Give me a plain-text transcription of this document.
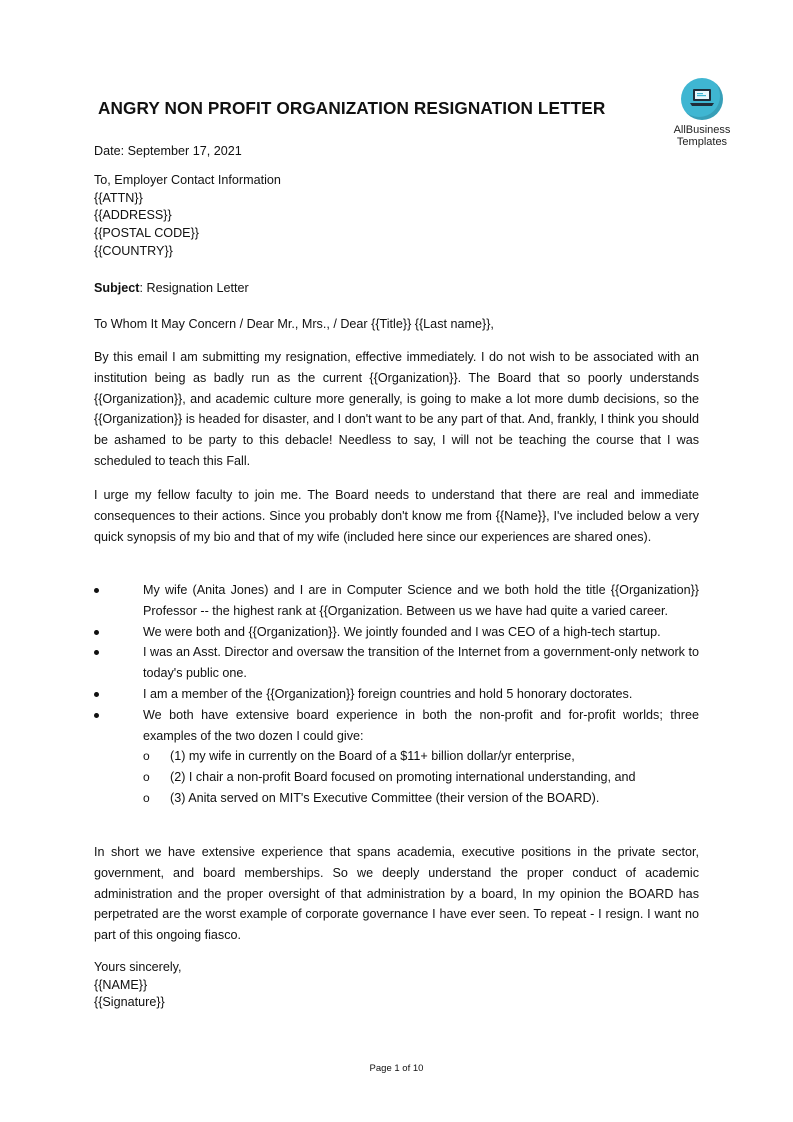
ANGRY NON PROFIT ORGANIZATION RESIGNATION LETTER
AllBusiness
Templates
Date: September 17, 2021
To, Employer Contact Information
{{ATTN}}
{{ADDRESS}}
{{POSTAL CODE}}
{{COUNTRY}}
Subject: Resignation Letter
To Whom It May Concern / Dear Mr., Mrs., / Dear {{Title}} {{Last name}},
By this email I am submitting my resignation, effective immediately. I do not wish to be associated with an institution being as badly run as the current {{Organization}}. The Board that so poorly understands {{Organization}}, and academic culture more generally, is going to make a lot more dumb decisions, so the {{Organization}} is headed for disaster, and I don't want to be any part of that. And, frankly, I think you should be ashamed to be party to this debacle! Needless to say, I will not be teaching the course that I was scheduled to teach this Fall.
I urge my fellow faculty to join me. The Board needs to understand that there are real and immediate consequences to their actions. Since you probably don't know me from {{Name}}, I've included below a very quick synopsis of my bio and that of my wife (included here since our experiences are shared ones).
My wife (Anita Jones) and I are in Computer Science and we both hold the title {{Organization}} Professor -- the highest rank at {{Organization. Between us we have had quite a varied career.
We were both and {{Organization}}. We jointly founded and I was CEO of a high-tech startup.
I was an Asst. Director and oversaw the transition of the Internet from a government-only network to today's public one.
I am a member of the {{Organization}} foreign countries and hold 5 honorary doctorates.
We both have extensive board experience in both the non-profit and for-profit worlds; three examples of the two dozen I could give:
o (1) my wife in currently on the Board of a $11+ billion dollar/yr enterprise,
o (2) I chair a non-profit Board focused on promoting international understanding, and
o (3) Anita served on MIT's Executive Committee (their version of the BOARD).
In short we have extensive experience that spans academia, executive positions in the private sector, government, and board memberships. So we deeply understand the proper conduct of academic administration and the proper oversight of that administration by a board, In my opinion the BOARD has perpetrated are the worst example of corporate governance I have ever seen. To repeat - I resign. I want no part of this ongoing fiasco.
Yours sincerely,
{{NAME}}
{{Signature}}
Page 1 of 10
